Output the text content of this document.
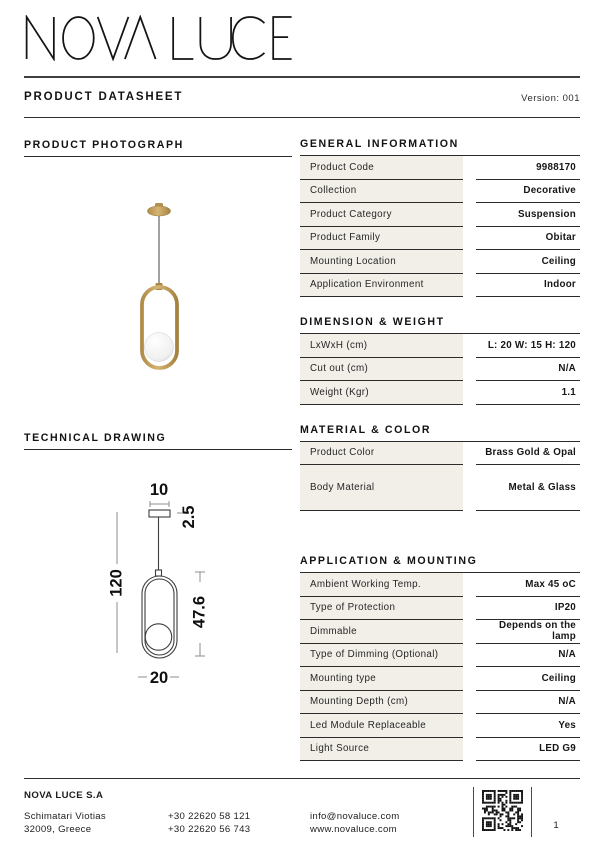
PRODUCT DATASHEET	Version: 001
PRODUCT PHOTOGRAPH
TECHNICAL DRAWING
10
2.5
120
47.6
20
GENERAL INFORMATION
Product Code	9988170
Collection	Decorative
Product Category	Suspension
Product Family	Obitar
Mounting Location	Ceiling
Application Environment	Indoor
DIMENSION & WEIGHT
LxWxH (cm)	L: 20 W: 15 H: 120
Cut out (cm)	N/A
Weight (Kgr)	1.1
MATERIAL & COLOR
Product Color	Brass Gold & Opal
Body Material	Metal & Glass
APPLICATION & MOUNTING
Ambient Working Temp.	Max 45 oC
Type of Protection	IP20
Dimmable	Depends on the lamp
Type of Dimming (Optional)	N/A
Mounting type	Ceiling
Mounting Depth (cm)	N/A
Led Module Replaceable	Yes
Light Source	LED G9
NOVA LUCE S.A
Schimatari Viotias
32009, Greece
+30 22620 58 121
+30 22620 56 743
info@novaluce.com
www.novaluce.com	1
